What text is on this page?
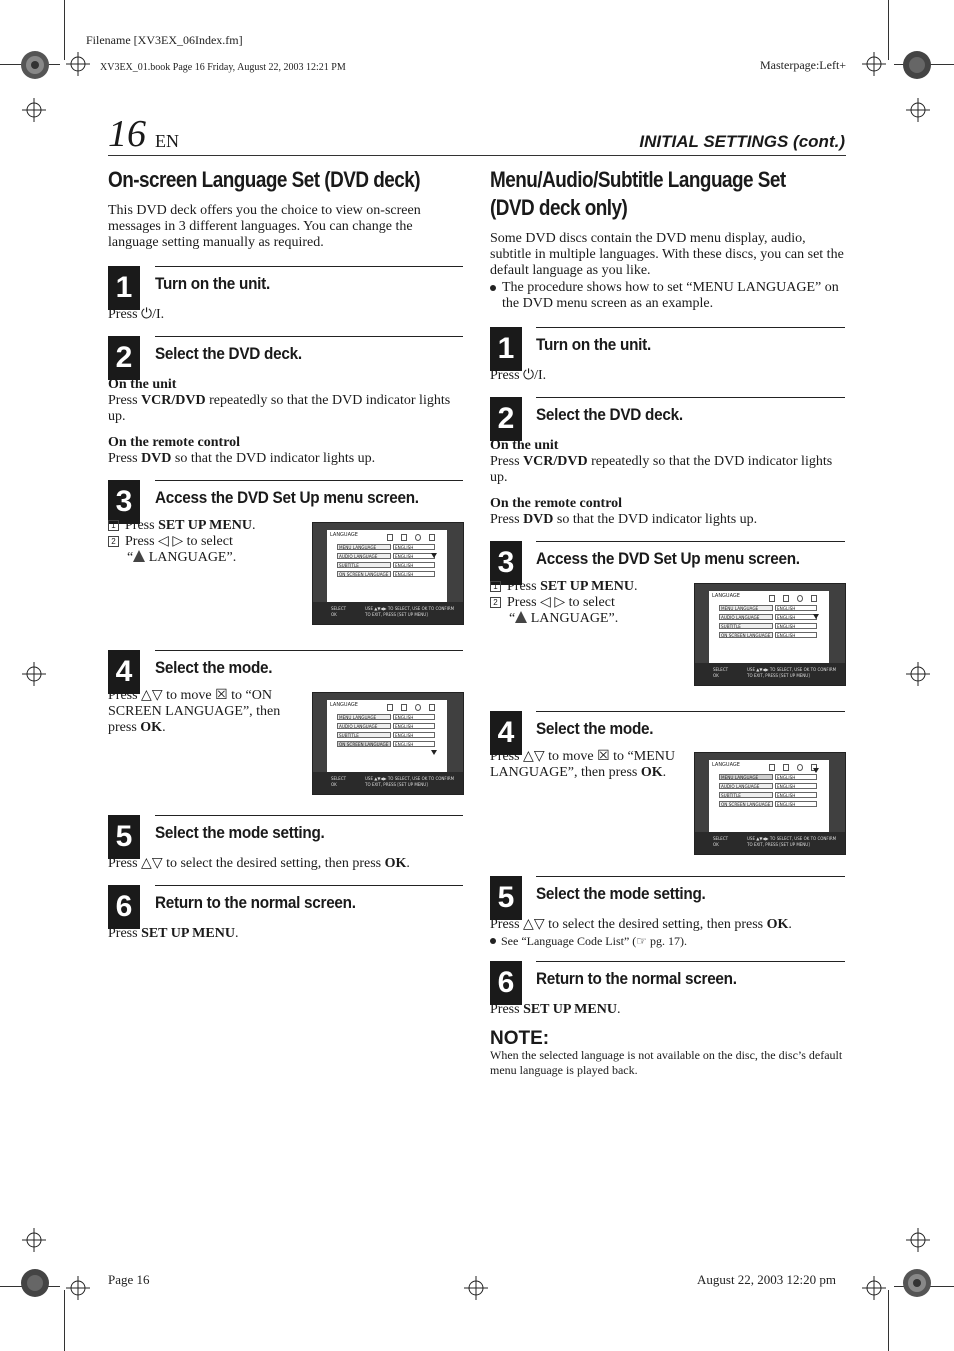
Filename [XV3EX_06Index.fm]
XV3EX_01.book Page 16 Friday, August 22, 2003 12:21 PM	Masterpage:Left+
Page 16	August 22, 2003 12:20 pm
16 EN	INITIAL SETTINGS (cont.)
On-screen Language Set (DVD deck)
This DVD deck offers you the choice to view on-screen messages in 3 different languages. You can change the language setting manually as required.
1	Turn on the unit.
Press ⏻/I.
2	Select the DVD deck.
On the unit
Press VCR/DVD repeatedly so that the DVD indicator lights up.
On the remote control
Press DVD so that the DVD indicator lights up.
3	Access the DVD Set Up menu screen.
1 Press SET UP MENU.
2 Press ◁ ▷ to select
“ LANGUAGE”.
4	Select the mode.
Press △▽ to move ☒ to “ON SCREEN LANGUAGE”, then press OK.
5	Select the mode setting.
Press △▽ to select the desired setting, then press OK.
6	Return to the normal screen.
Press SET UP MENU.
Menu/Audio/Subtitle Language Set
(DVD deck only)
Some DVD discs contain the DVD menu display, audio, subtitle in multiple languages. With these discs, you can set the default language as you like.
The procedure shows how to set “MENU LANGUAGE” on the DVD menu screen as an example.
1	Turn on the unit.
Press ⏻/I.
2	Select the DVD deck.
On the unit
Press VCR/DVD repeatedly so that the DVD indicator lights up.
On the remote control
Press DVD so that the DVD indicator lights up.
3	Access the DVD Set Up menu screen.
1 Press SET UP MENU.
2 Press ◁ ▷ to select
“ LANGUAGE”.
4	Select the mode.
Press △▽ to move ☒ to “MENU LANGUAGE”, then press OK.
5	Select the mode setting.
Press △▽ to select the desired setting, then press OK.
See “Language Code List” (☞ pg. 17).
6	Return to the normal screen.
Press SET UP MENU.
NOTE:
When the selected language is not available on the disc, the disc’s default menu language is played back.
LANGUAGE
MENU LANGUAGE	ENGLISH
AUDIO LANGUAGE	ENGLISH
SUBTITLE	ENGLISH
ON SCREEN LANGUAGE	ENGLISH
SELECT
OK
USE ▲▼◀▶ TO SELECT, USE OK TO CONFIRM
TO EXIT, PRESS [SET UP MENU]
LANGUAGE
MENU LANGUAGE	ENGLISH
AUDIO LANGUAGE	ENGLISH
SUBTITLE	ENGLISH
ON SCREEN LANGUAGE	ENGLISH
SELECT
OK
USE ▲▼◀▶ TO SELECT, USE OK TO CONFIRM
TO EXIT, PRESS [SET UP MENU]
LANGUAGE
MENU LANGUAGE	ENGLISH
AUDIO LANGUAGE	ENGLISH
SUBTITLE	ENGLISH
ON SCREEN LANGUAGE	ENGLISH
SELECT
OK
USE ▲▼◀▶ TO SELECT, USE OK TO CONFIRM
TO EXIT, PRESS [SET UP MENU]
LANGUAGE
MENU LANGUAGE	ENGLISH
AUDIO LANGUAGE	ENGLISH
SUBTITLE	ENGLISH
ON SCREEN LANGUAGE	ENGLISH
SELECT
OK
USE ▲▼◀▶ TO SELECT, USE OK TO CONFIRM
TO EXIT, PRESS [SET UP MENU]
